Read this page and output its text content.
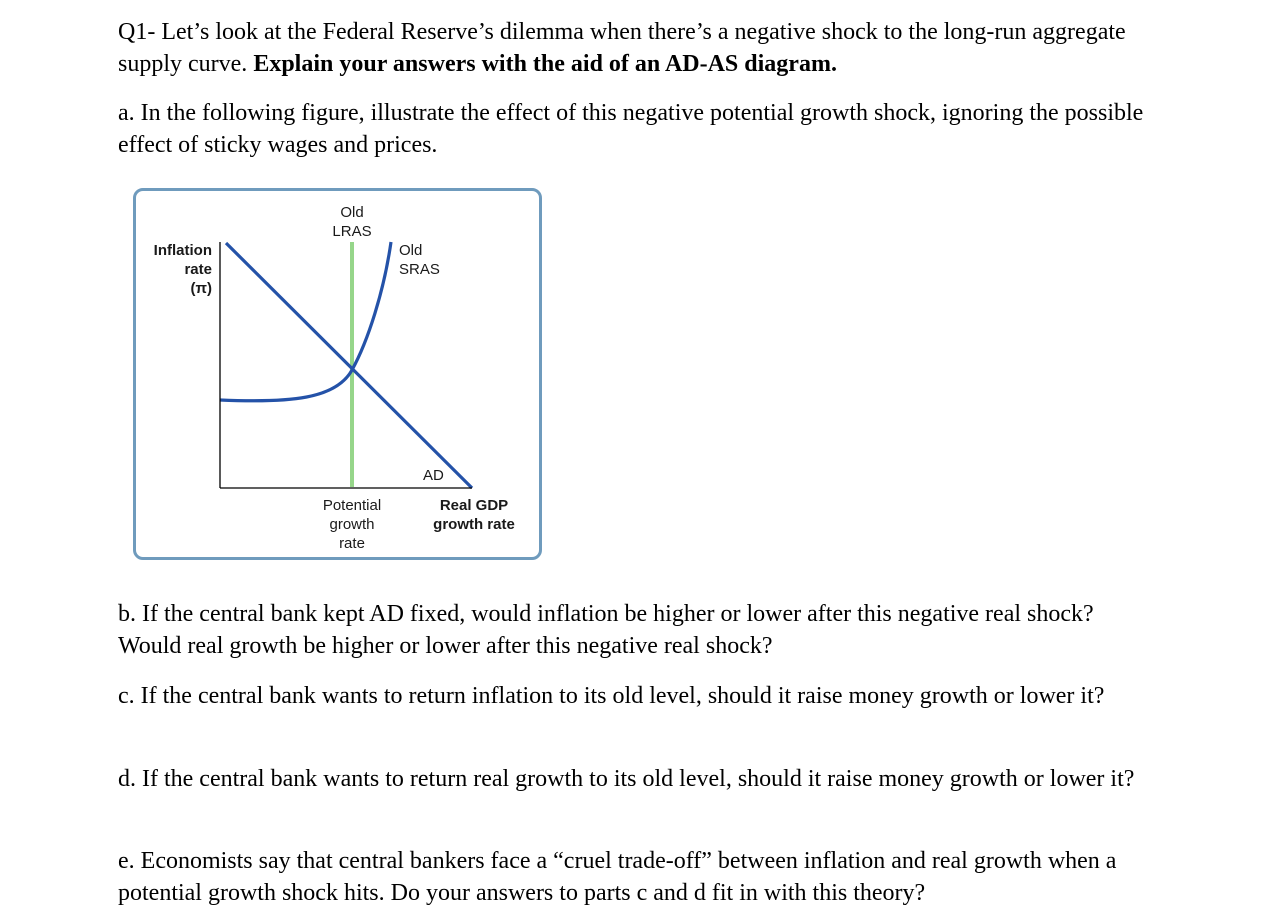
Q1- Let’s look at the Federal Reserve’s dilemma when there’s a negative shock to the long-run aggregate supply curve. Explain your answers with the aid of an AD-AS diagram.

a. In the following figure, illustrate the effect of this negative potential growth shock, ignoring the possible effect of sticky wages and prices.

Old
LRAS
Old
SRAS
Inflation
rate
(π)
AD
Potential
growth
rate
Real GDP
growth rate

b. If the central bank kept AD fixed, would inflation be higher or lower after this negative real shock? Would real growth be higher or lower after this negative real shock?

c. If the central bank wants to return inflation to its old level, should it raise money growth or lower it?

d. If the central bank wants to return real growth to its old level, should it raise money growth or lower it?

e. Economists say that central bankers face a “cruel trade-off” between inflation and real growth when a potential growth shock hits. Do your answers to parts c and d fit in with this theory?
